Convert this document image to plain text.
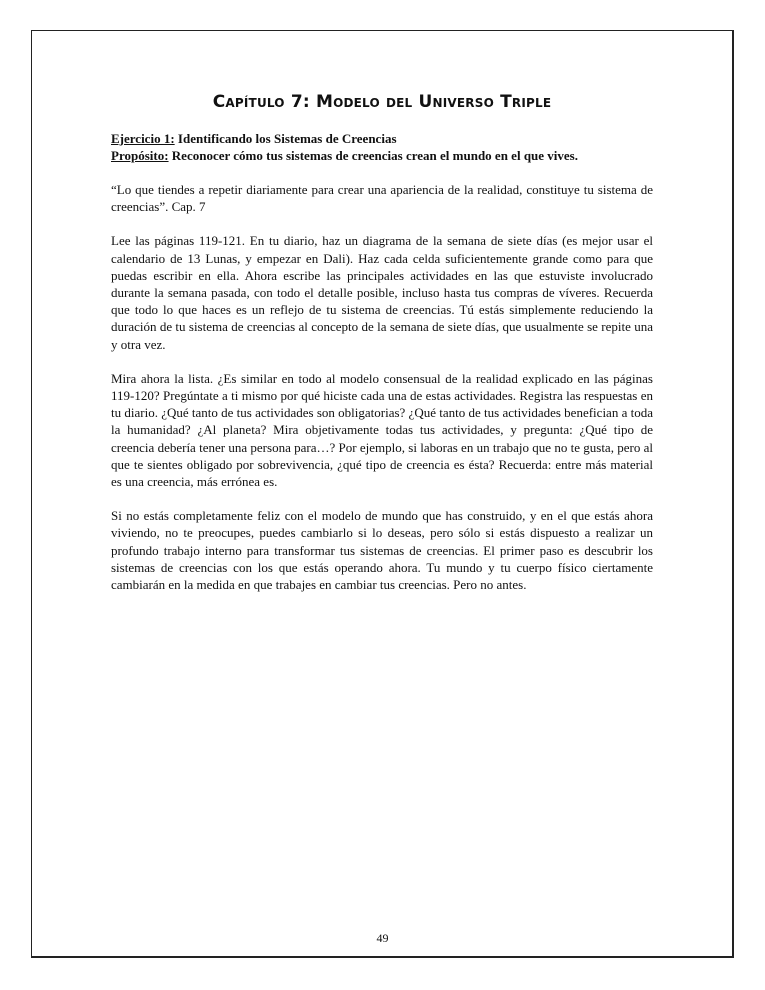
Capítulo 7: Modelo del Universo Triple

Ejercicio 1: Identificando los Sistemas de Creencias

Propósito: Reconocer cómo tus sistemas de creencias crean el mundo en el que vives.

“Lo que tiendes a repetir diariamente para crear una apariencia de la realidad, constituye tu sistema de creencias”. Cap. 7

Lee las páginas 119-121. En tu diario, haz un diagrama de la semana de siete días (es mejor usar el calendario de 13 Lunas, y empezar en Dali). Haz cada celda suficientemente grande como para que puedas escribir en ella. Ahora escribe las principales actividades en las que estuviste involucrado durante la semana pasada, con todo el detalle posible, incluso hasta tus compras de víveres. Recuerda que todo lo que haces es un reflejo de tu sistema de creencias. Tú estás simplemente reduciendo la duración de tu sistema de creencias al concepto de la semana de siete días, que usualmente se repite una y otra vez.

Mira ahora la lista. ¿Es similar en todo al modelo consensual de la realidad explicado en las páginas 119-120? Pregúntate a ti mismo por qué hiciste cada una de estas actividades. Registra las respuestas en tu diario. ¿Qué tanto de tus actividades son obligatorias? ¿Qué tanto de tus actividades benefician a toda la humanidad? ¿Al planeta? Mira objetivamente todas tus actividades, y pregunta: ¿Qué tipo de creencia debería tener una persona para…? Por ejemplo, si laboras en un trabajo que no te gusta, pero al que te sientes obligado por sobrevivencia, ¿qué tipo de creencia es ésta? Recuerda: entre más material es una creencia, más errónea es.

Si no estás completamente feliz con el modelo de mundo que has construido, y en el que estás ahora viviendo, no te preocupes, puedes cambiarlo si lo deseas, pero sólo si estás dispuesto a realizar un profundo trabajo interno para transformar tus sistemas de creencias. El primer paso es descubrir los sistemas de creencias con los que estás operando ahora. Tu mundo y tu cuerpo físico ciertamente cambiarán en la medida en que trabajes en cambiar tus creencias. Pero no antes.

49
